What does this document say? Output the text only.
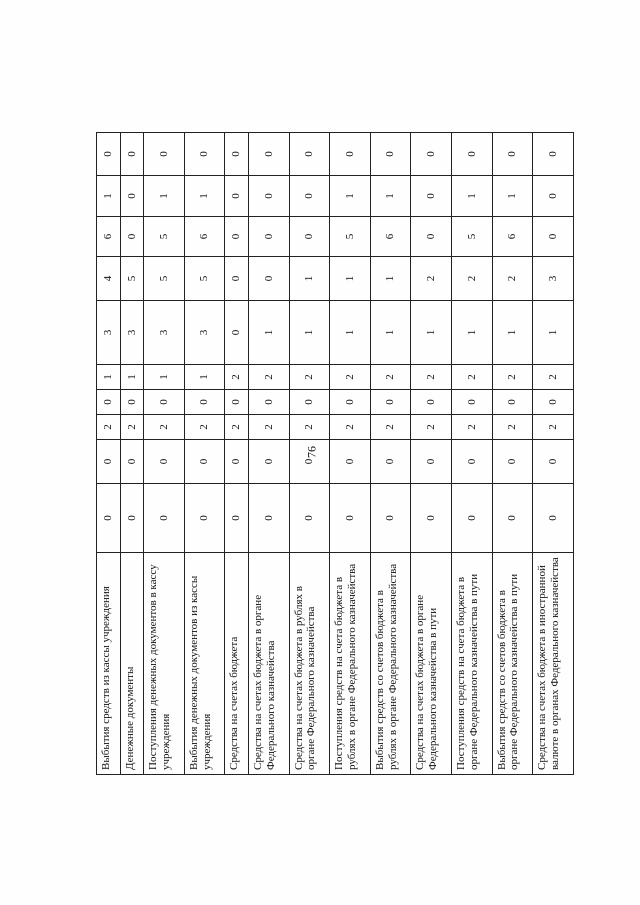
76
Выбытия средств из кассы учреждения	0	0	2	0	1	3	4	6	1	0
Денежные документы	0	0	2	0	1	3	5	0	0	0
Поступления денежных документов в кассу учреждения	0	0	2	0	1	3	5	5	1	0
Выбытия денежных документов из кассы учреждения	0	0	2	0	1	3	5	6	1	0
Средства на счетах бюджета	0	0	2	0	2	0	0	0	0	0
Средства на счетах бюджета в органе Федерального казначейства	0	0	2	0	2	1	0	0	0	0
Средства на счетах бюджета в рублях в органе Федерального казначейства	0	0	2	0	2	1	1	0	0	0
Поступления средств на счета бюджета в рублях в органе Федерального казначейства	0	0	2	0	2	1	1	5	1	0
Выбытия средств со счетов бюджета в рублях в органе Федерального казначейства	0	0	2	0	2	1	1	6	1	0
Средства на счетах бюджета в органе Федерального казначейства в пути	0	0	2	0	2	1	2	0	0	0
Поступления средств на счета бюджета в органе Федерального казначейства в пути	0	0	2	0	2	1	2	5	1	0
Выбытия средств со счетов бюджета в органе Федерального казначейства в пути	0	0	2	0	2	1	2	6	1	0
Средства на счетах бюджета в иностранной валюте в органах Федерального казначейства	0	0	2	0	2	1	3	0	0	0
